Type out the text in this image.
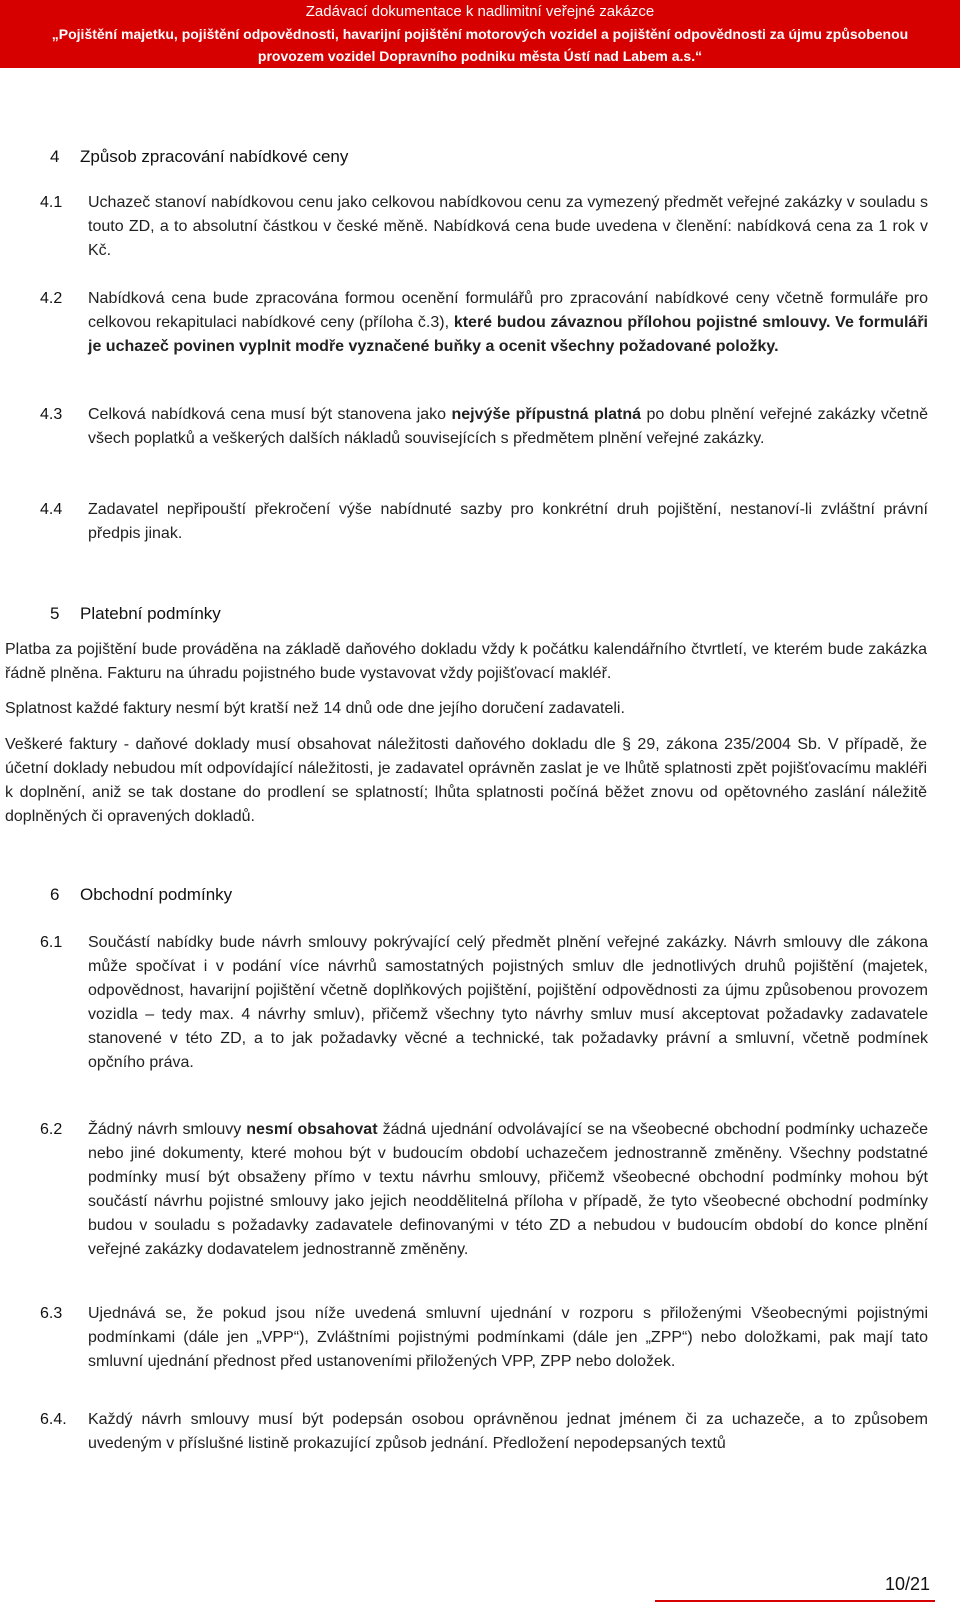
Zadávací dokumentace k nadlimitní veřejné zakázce
„Pojištění majetku, pojištění odpovědnosti, havarijní pojištění motorových vozidel a pojištění odpovědnosti za újmu způsobenou
provozem vozidel Dopravního podniku města Ústí nad Labem a.s.“
4 Způsob zpracování nabídkové ceny
4.1	Uchazeč stanoví nabídkovou cenu jako celkovou nabídkovou cenu za vymezený předmět veřejné zakázky v souladu s touto ZD, a to absolutní částkou v české měně. Nabídková cena bude uvedena v členění: nabídková cena za 1 rok v Kč.
4.2	Nabídková cena bude zpracována formou ocenění formulářů pro zpracování nabídkové ceny včetně formuláře pro celkovou rekapitulaci nabídkové ceny (příloha č.3), které budou závaznou přílohou pojistné smlouvy. Ve formuláři je uchazeč povinen vyplnit modře vyznačené buňky a ocenit všechny požadované položky.
4.3	Celková nabídková cena musí být stanovena jako nejvýše přípustná platná po dobu plnění veřejné zakázky včetně všech poplatků a veškerých dalších nákladů souvisejících s předmětem plnění veřejné zakázky.
4.4	Zadavatel nepřipouští překročení výše nabídnuté sazby pro konkrétní druh pojištění, nestanoví-li zvláštní právní předpis jinak.
5 Platební podmínky
Platba za pojištění bude prováděna na základě daňového dokladu vždy k počátku kalendářního čtvrtletí, ve kterém bude zakázka řádně plněna. Fakturu na úhradu pojistného bude vystavovat vždy pojišťovací makléř.
Splatnost každé faktury nesmí být kratší než 14 dnů ode dne jejího doručení zadavateli.
Veškeré faktury - daňové doklady musí obsahovat náležitosti daňového dokladu dle § 29, zákona 235/2004 Sb. V případě, že účetní doklady nebudou mít odpovídající náležitosti, je zadavatel oprávněn zaslat je ve lhůtě splatnosti zpět pojišťovacímu makléři k doplnění, aniž se tak dostane do prodlení se splatností; lhůta splatnosti počíná běžet znovu od opětovného zaslání náležitě doplněných či opravených dokladů.
6 Obchodní podmínky
6.1	Součástí nabídky bude návrh smlouvy pokrývající celý předmět plnění veřejné zakázky. Návrh smlouvy dle zákona může spočívat i v podání více návrhů samostatných pojistných smluv dle jednotlivých druhů pojištění (majetek, odpovědnost, havarijní pojištění včetně doplňkových pojištění, pojištění odpovědnosti za újmu způsobenou provozem vozidla – tedy max. 4 návrhy smluv), přičemž všechny tyto návrhy smluv musí akceptovat požadavky zadavatele stanovené v této ZD, a to jak požadavky věcné a technické, tak požadavky právní a smluvní, včetně podmínek opčního práva.
6.2	Žádný návrh smlouvy nesmí obsahovat žádná ujednání odvolávající se na všeobecné obchodní podmínky uchazeče nebo jiné dokumenty, které mohou být v budoucím období uchazečem jednostranně změněny. Všechny podstatné podmínky musí být obsaženy přímo v textu návrhu smlouvy, přičemž všeobecné obchodní podmínky mohou být součástí návrhu pojistné smlouvy jako jejich neoddělitelná příloha v případě, že tyto všeobecné obchodní podmínky budou v souladu s požadavky zadavatele definovanými v této ZD a nebudou v budoucím období do konce plnění veřejné zakázky dodavatelem jednostranně změněny.
6.3	Ujednává se, že pokud jsou níže uvedená smluvní ujednání v rozporu s přiloženými Všeobecnými pojistnými podmínkami (dále jen „VPP“), Zvláštními pojistnými podmínkami (dále jen „ZPP“) nebo doložkami, pak mají tato smluvní ujednání přednost před ustanoveními přiložených VPP, ZPP nebo doložek.
6.4.	Každý návrh smlouvy musí být podepsán osobou oprávněnou jednat jménem či za uchazeče, a to způsobem uvedeným v příslušné listině prokazující způsob jednání. Předložení nepodepsaných textů
10/21
